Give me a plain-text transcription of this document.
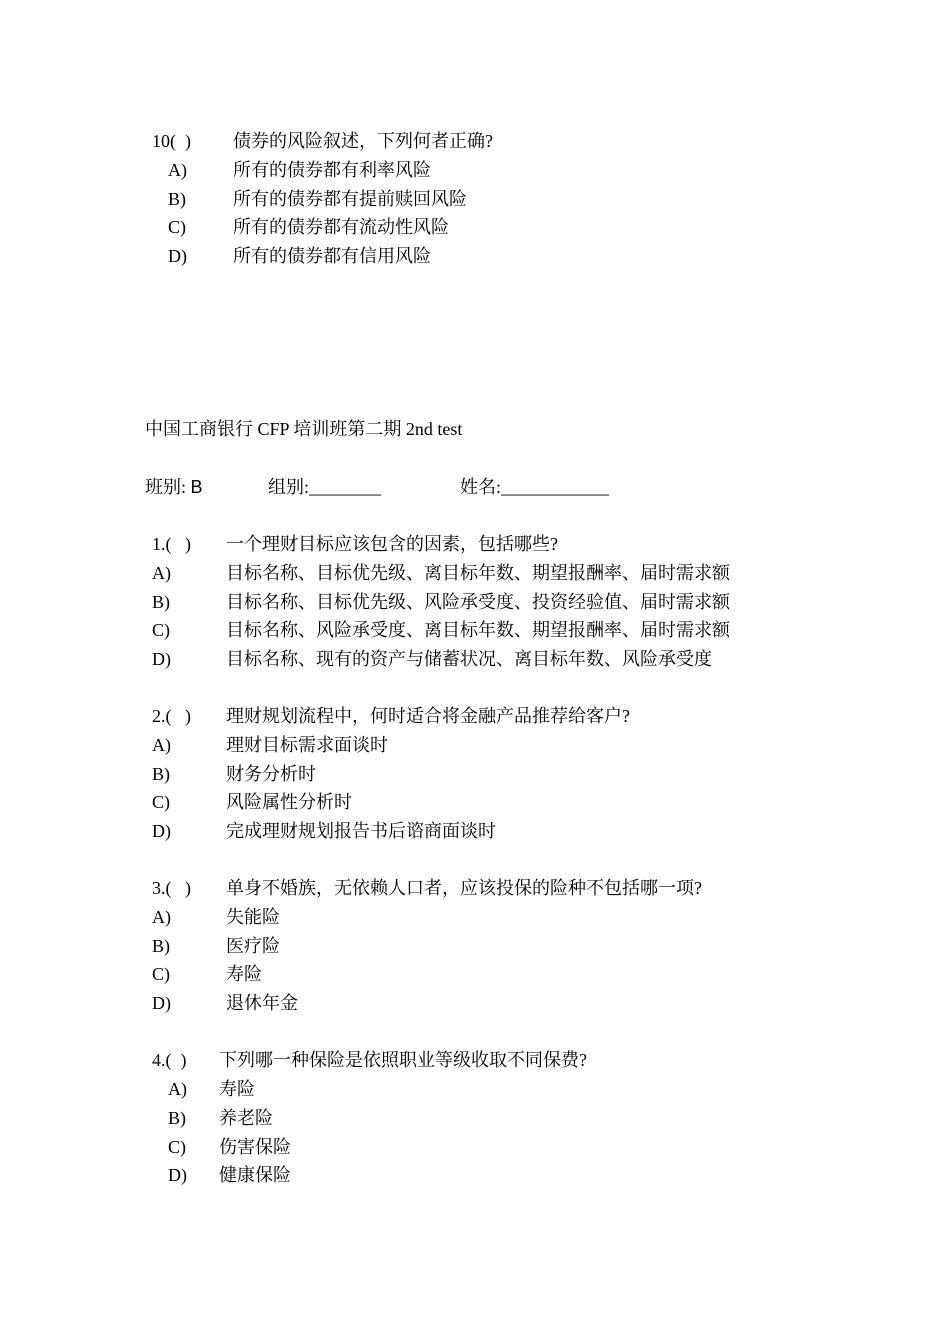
10(  ) 债券的风险叙述，下列何者正确?
A)	所有的债券都有利率风险
B)	所有的债券都有提前赎回风险
C)	所有的债券都有流动性风险
D)	所有的债券都有信用风险
中国工商银行 CFP 培训班第二期 2nd test
班别: B	组别:________	姓名:____________
1.(   ) 一个理财目标应该包含的因素，包括哪些?
A)	目标名称、目标优先级、离目标年数、期望报酬率、届时需求额
B)	目标名称、目标优先级、风险承受度、投资经验值、届时需求额
C)	目标名称、风险承受度、离目标年数、期望报酬率、届时需求额
D)	目标名称、现有的资产与储蓄状况、离目标年数、风险承受度
2.(   ) 理财规划流程中，何时适合将金融产品推荐给客户?
A)	理财目标需求面谈时
B)	财务分析时
C)	风险属性分析时
D)	完成理财规划报告书后谘商面谈时
3.(   ) 单身不婚族，无依赖人口者，应该投保的险种不包括哪一项?
A)	失能险
B)	医疗险
C)	寿险
D)	退休年金
4.(  ) 下列哪一种保险是依照职业等级收取不同保费?
A) 寿险
B) 养老险
C) 伤害保险
D) 健康保险
